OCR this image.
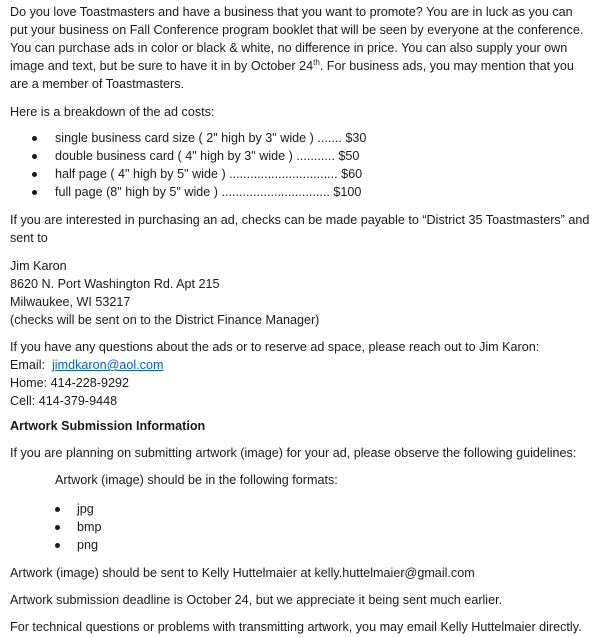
Do you love Toastmasters and have a business that you want to promote? You are in luck as you can put your business on Fall Conference program booklet that will be seen by everyone at the conference. You can purchase ads in color or black & white, no difference in price. You can also supply your own image and text, but be sure to have it in by October 24th. For business ads, you may mention that you are a member of Toastmasters.

Here is a breakdown of the ad costs:

single business card size ( 2" high by 3" wide ) ....... $30
double business card ( 4" high by 3" wide ) ........... $50
half page ( 4" high by 5" wide ) ............................... $60
full page (8" high by 5" wide ) ............................... $100

If you are interested in purchasing an ad, checks can be made payable to “District 35 Toastmasters” and sent to

Jim Karon
8620 N. Port Washington Rd. Apt 215
Milwaukee, WI 53217
(checks will be sent on to the District Finance Manager)
If you have any questions about the ads or to reserve ad space, please reach out to Jim Karon:
Email: jimdkaron@aol.com
Home: 414-228-9292
Cell: 414-379-9448

Artwork Submission Information

If you are planning on submitting artwork (image) for your ad, please observe the following guidelines:

Artwork (image) should be in the following formats:

jpg
bmp
png

Artwork (image) should be sent to Kelly Huttelmaier at kelly.huttelmaier@gmail.com

Artwork submission deadline is October 24, but we appreciate it being sent much earlier.

For technical questions or problems with transmitting artwork, you may email Kelly Huttelmaier directly.
